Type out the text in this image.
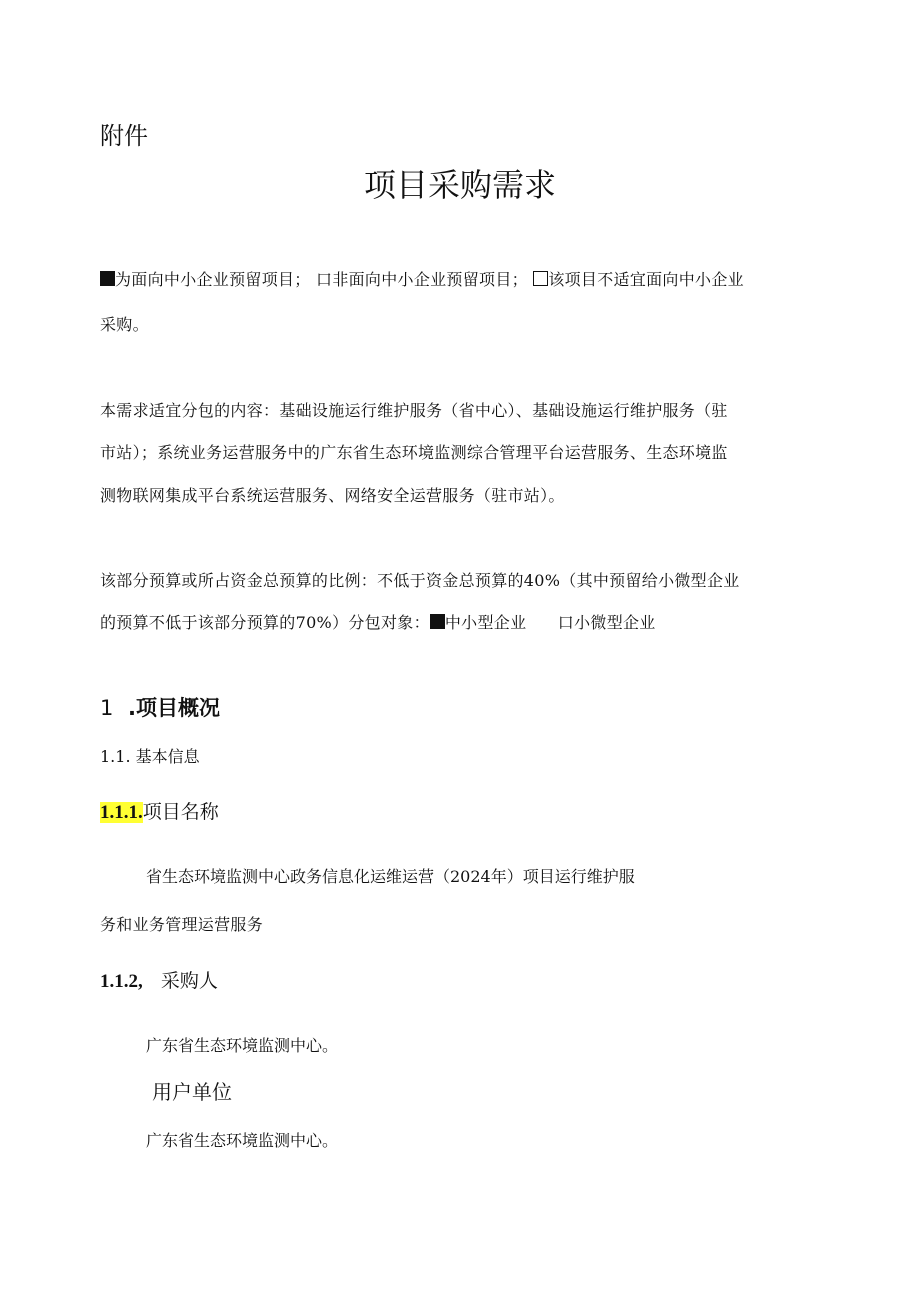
附件
项目采购需求
为面向中小企业预留项目； 口非面向中小企业预留项目； 该项目不适宜面向中小企业
采购。
本需求适宜分包的内容：基础设施运行维护服务（省中心）、基础设施运行维护服务（驻
市站）；系统业务运营服务中的广东省生态环境监测综合管理平台运营服务、生态环境监
测物联网集成平台系统运营服务、网络安全运营服务（驻市站）。
该部分预算或所占资金总预算的比例：不低于资金总预算的40%（其中预留给小微型企业
的预算不低于该部分预算的70%）分包对象： 中小型企业 口小微型企业
1 .项目概况
1.1. 基本信息
1.1.1.项目名称
省生态环境监测中心政务信息化运维运营（2024年）项目运行维护服
务和业务管理运营服务
1.1.2, 采购人
广东省生态环境监测中心。
用户单位
广东省生态环境监测中心。
